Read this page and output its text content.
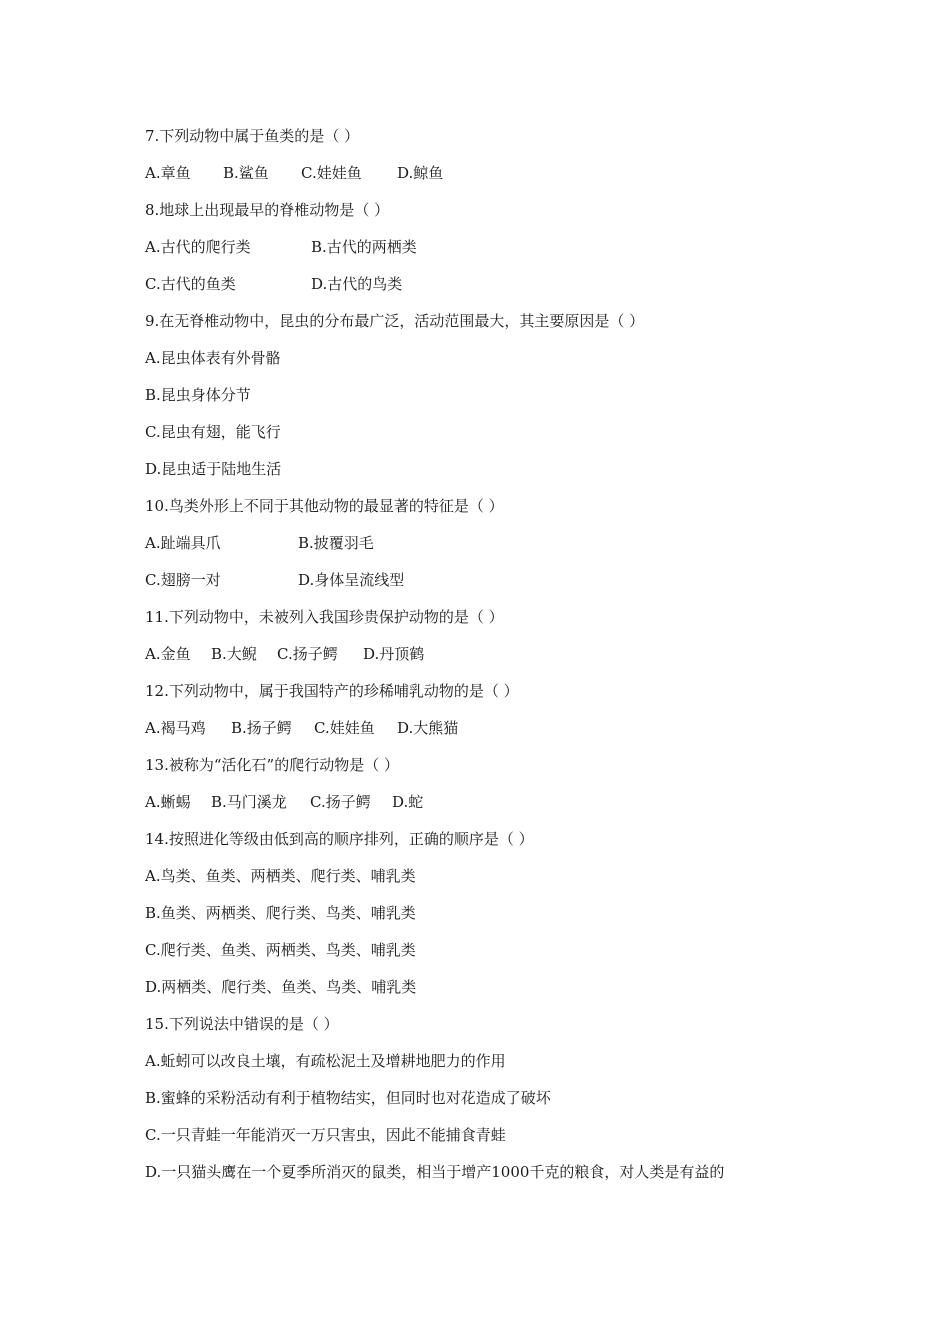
7.下列动物中属于鱼类的是（ ）
A.章鱼 B.鲨鱼 C.娃娃鱼 D.鲸鱼
8.地球上出现最早的脊椎动物是（ ）
A.古代的爬行类	B.古代的两栖类
C.古代的鱼类	D.古代的鸟类
9.在无脊椎动物中，昆虫的分布最广泛，活动范围最大，其主要原因是（ ）
A.昆虫体表有外骨骼
B.昆虫身体分节
C.昆虫有翅，能飞行
D.昆虫适于陆地生活
10.鸟类外形上不同于其他动物的最显著的特征是（ ）
A.趾端具爪	B.披覆羽毛
C.翅膀一对	D.身体呈流线型
11.下列动物中，未被列入我国珍贵保护动物的是（ ）
A.金鱼 B.大鲵 C.扬子鳄 D.丹顶鹤
12.下列动物中，属于我国特产的珍稀哺乳动物的是（ ）
A.褐马鸡 B.扬子鳄 C.娃娃鱼 D.大熊猫
13.被称为“活化石”的爬行动物是（ ）
A.蜥蜴 B.马门溪龙 C.扬子鳄 D.蛇
14.按照进化等级由低到高的顺序排列，正确的顺序是（ ）
A.鸟类、鱼类、两栖类、爬行类、哺乳类
B.鱼类、两栖类、爬行类、鸟类、哺乳类
C.爬行类、鱼类、两栖类、鸟类、哺乳类
D.两栖类、爬行类、鱼类、鸟类、哺乳类
15.下列说法中错误的是（ ）
A.蚯蚓可以改良土壤，有疏松泥土及增耕地肥力的作用
B.蜜蜂的采粉活动有利于植物结实，但同时也对花造成了破坏
C.一只青蛙一年能消灭一万只害虫，因此不能捕食青蛙
D.一只猫头鹰在一个夏季所消灭的鼠类，相当于增产1000千克的粮食，对人类是有益的
